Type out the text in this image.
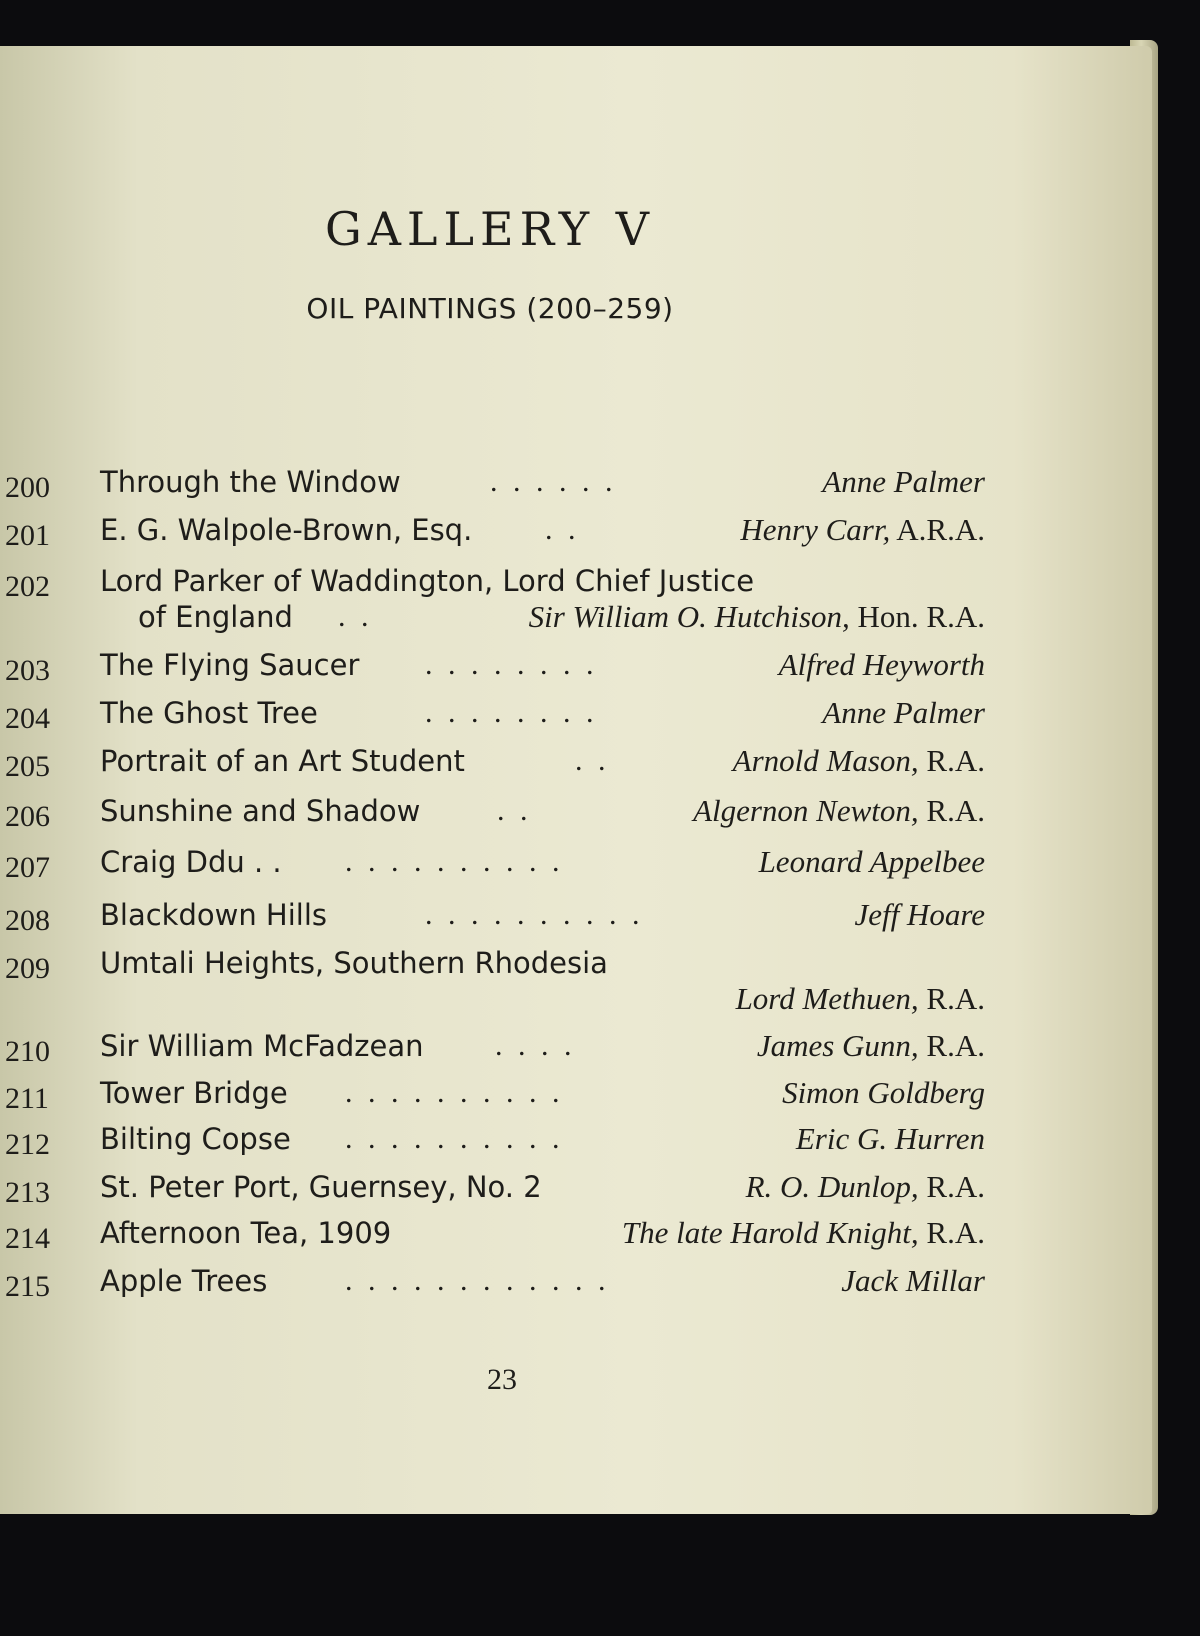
GALLERY V
OIL PAINTINGS (200–259)
200 Through the Window	. . . . . .	Anne Palmer
201 E. G. Walpole-Brown, Esq. . .	Henry Carr, A.R.A.
202 Lord Parker of Waddington, Lord Chief Justice
of England . .	Sir William O. Hutchison, Hon. R.A.
203 The Flying Saucer . . . . . . . .	Alfred Heyworth
204 The Ghost Tree	. . . . . . . .	Anne Palmer
205 Portrait of an Art Student	. .	Arnold Mason, R.A.
206 Sunshine and Shadow	. .	Algernon Newton, R.A.
207 Craig Ddu . . . . . . . . . . . .	Leonard Appelbee
208 Blackdown Hills	. . . . . . . . . .	Jeff Hoare
209 Umtali Heights, Southern Rhodesia
Lord Methuen, R.A.
210 Sir William McFadzean . . . .	James Gunn, R.A.
211 Tower Bridge . . . . . . . . . .	Simon Goldberg
212 Bilting Copse . . . . . . . . . .	Eric G. Hurren
213 St. Peter Port, Guernsey, No. 2	R. O. Dunlop, R.A.
214 Afternoon Tea, 1909	The late Harold Knight, R.A.
215 Apple Trees	. . . . . . . . . . . .	Jack Millar
23
